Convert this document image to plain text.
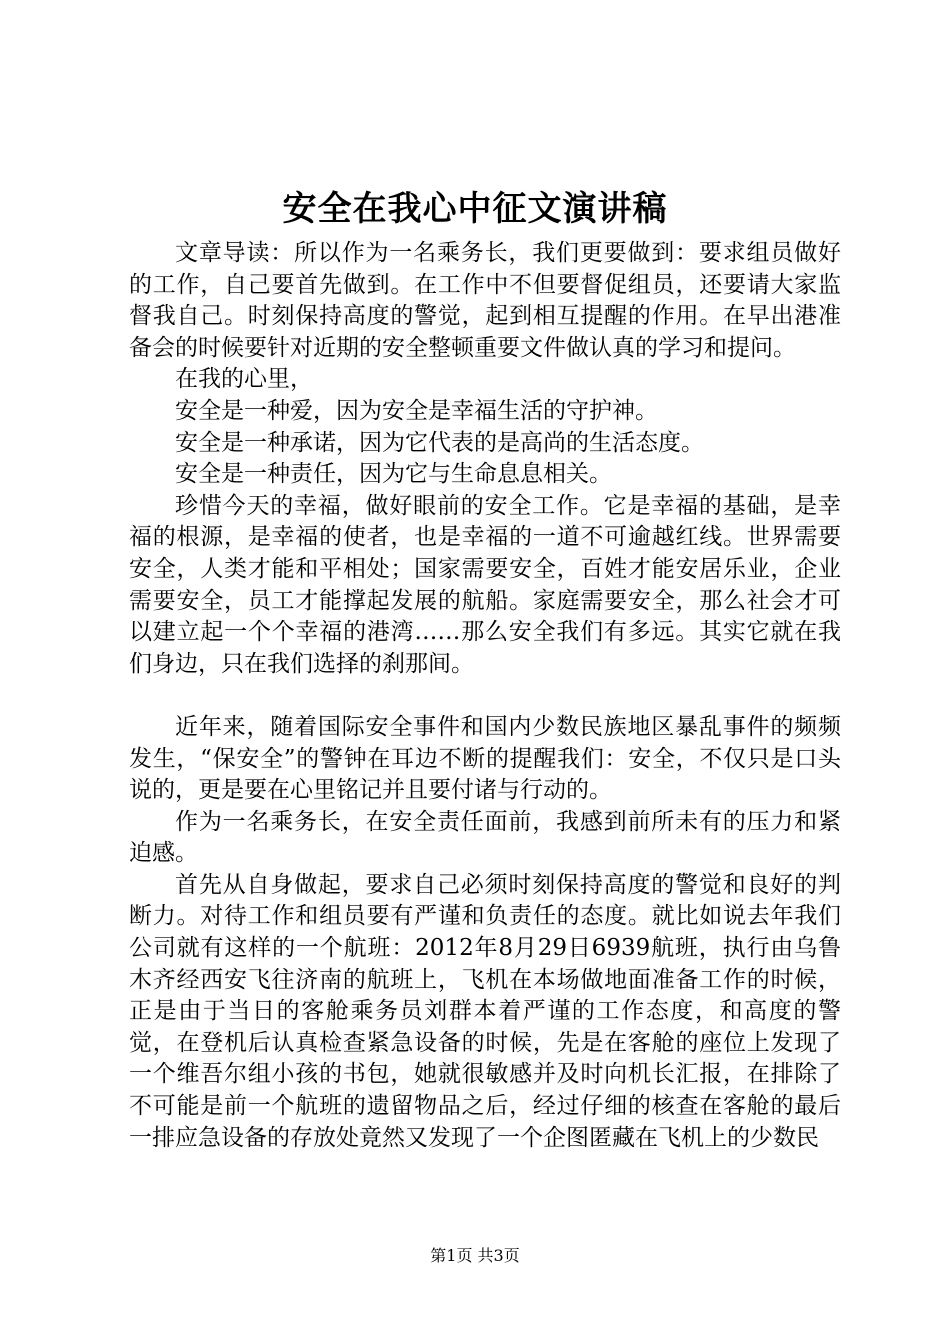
安全在我心中征文演讲稿

文章导读：所以作为一名乘务长，我们更要做到：要求组员做好的工作，自己要首先做到。在工作中不但要督促组员，还要请大家监督我自己。时刻保持高度的警觉，起到相互提醒的作用。在早出港准备会的时候要针对近期的安全整顿重要文件做认真的学习和提问。

在我的心里，

安全是一种爱，因为安全是幸福生活的守护神。

安全是一种承诺，因为它代表的是高尚的生活态度。

安全是一种责任，因为它与生命息息相关。

珍惜今天的幸福，做好眼前的安全工作。它是幸福的基础，是幸福的根源，是幸福的使者，也是幸福的一道不可逾越红线。世界需要安全，人类才能和平相处；国家需要安全，百姓才能安居乐业，企业需要安全，员工才能撑起发展的航船。家庭需要安全，那么社会才可以建立起一个个幸福的港湾……那么安全我们有多远。其实它就在我们身边，只在我们选择的刹那间。

近年来，随着国际安全事件和国内少数民族地区暴乱事件的频频发生，“保安全”的警钟在耳边不断的提醒我们：安全，不仅只是口头说的，更是要在心里铭记并且要付诸与行动的。

作为一名乘务长，在安全责任面前，我感到前所未有的压力和紧迫感。

首先从自身做起，要求自己必须时刻保持高度的警觉和良好的判断力。对待工作和组员要有严谨和负责任的态度。就比如说去年我们公司就有这样的一个航班：2012年8月29日6939航班，执行由乌鲁木齐经西安飞往济南的航班上，飞机在本场做地面准备工作的时候，正是由于当日的客舱乘务员刘群本着严谨的工作态度，和高度的警觉，在登机后认真检查紧急设备的时候，先是在客舱的座位上发现了一个维吾尔组小孩的书包，她就很敏感并及时向机长汇报，在排除了不可能是前一个航班的遗留物品之后，经过仔细的核查在客舱的最后一排应急设备的存放处竟然又发现了一个企图匿藏在飞机上的少数民

第1页 共3页
